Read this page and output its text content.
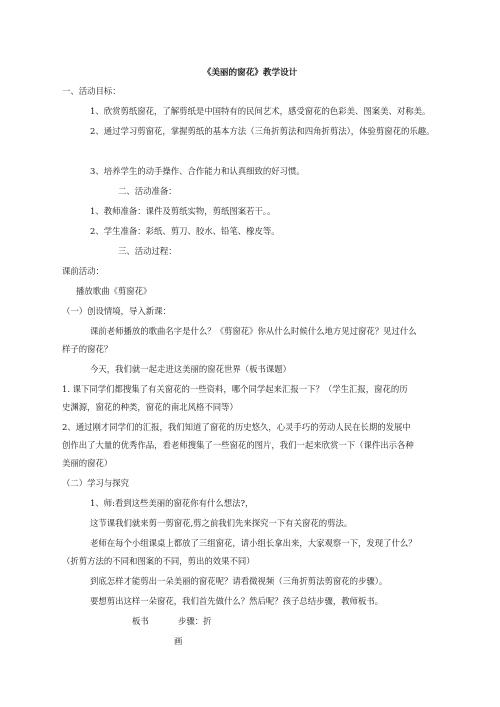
《美丽的窗花》教学设计
一、活动目标：
1、欣赏剪纸窗花，了解剪纸是中国特有的民间艺术，感受窗花的色彩美、图案美、对称美。
2、通过学习剪窗花，掌握剪纸的基本方法（三角折剪法和四角折剪法），体验剪窗花的乐趣。
3、培养学生的动手操作、合作能力和认真细致的好习惯。
二、活动准备：
1、教师准备：课件及剪纸实物，剪纸图案若干。。
2、学生准备：彩纸、剪刀、胶水、铅笔、橡皮等。
三、活动过程：
课前活动：
播放歌曲《剪窗花》
（一）创设情境，导入新课：
课前老师播放的歌曲名字是什么？《剪窗花》你从什么时候什么地方见过窗花？见过什么
样子的窗花？
今天，我们就一起走进这美丽的窗花世界（板书课题）
1. 课下同学们都搜集了有关窗花的一些资料，哪个同学起来汇报一下？（学生汇报，窗花的历
史渊源，窗花的种类，窗花的南北风格不同等）
2、通过刚才同学们的汇报，我们知道了窗花的历史悠久，心灵手巧的劳动人民在长期的发展中
创作出了大量的优秀作品，看老师搜集了一些窗花的图片，我们一起来欣赏一下（课件出示各种
美丽的窗花）
（二）学习与探究
1、师:看到这些美丽的窗花你有什么想法?，
这节课我们就来剪一剪窗花,剪之前我们先来探究一下有关窗花的剪法。
老师在每个小组课桌上都放了三组窗花，请小组长拿出来，大家观察一下，发现了什么？
（折剪方法的不同和图案的不同，剪出的效果不同）
到底怎样才能剪出一朵美丽的窗花呢？请看微视频（三角折剪法剪窗花的步骤）。
要想剪出这样一朵窗花，我们首先做什么？然后呢？孩子总结步骤，教师板书。
板书	步骤：折
画
